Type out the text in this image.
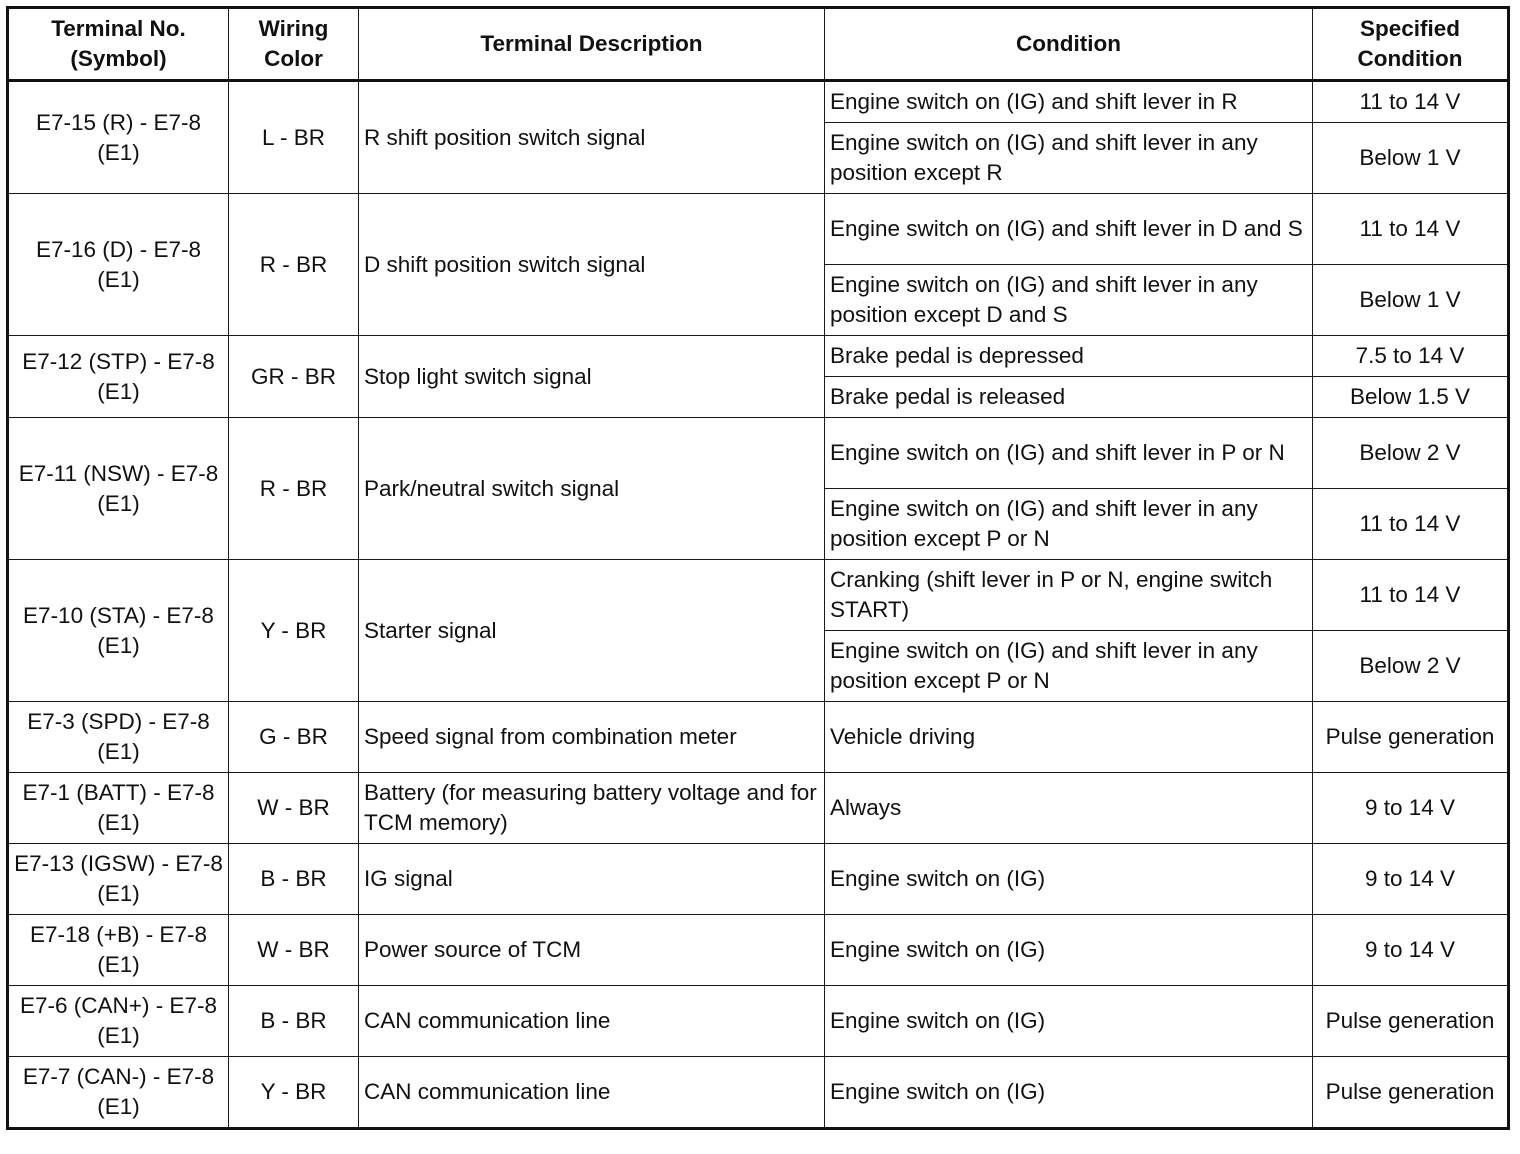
Terminal No. (Symbol)	Wiring Color	Terminal Description	Condition	Specified Condition
E7-15 (R) - E7-8 (E1)	L - BR	R shift position switch signal	Engine switch on (IG) and shift lever in R	11 to 14 V
			Engine switch on (IG) and shift lever in any position except R	Below 1 V
E7-16 (D) - E7-8 (E1)	R - BR	D shift position switch signal	Engine switch on (IG) and shift lever in D and S	11 to 14 V
			Engine switch on (IG) and shift lever in any position except D and S	Below 1 V
E7-12 (STP) - E7-8 (E1)	GR - BR	Stop light switch signal	Brake pedal is depressed	7.5 to 14 V
			Brake pedal is released	Below 1.5 V
E7-11 (NSW) - E7-8 (E1)	R - BR	Park/neutral switch signal	Engine switch on (IG) and shift lever in P or N	Below 2 V
			Engine switch on (IG) and shift lever in any position except P or N	11 to 14 V
E7-10 (STA) - E7-8 (E1)	Y - BR	Starter signal	Cranking (shift lever in P or N, engine switch START)	11 to 14 V
			Engine switch on (IG) and shift lever in any position except P or N	Below 2 V
E7-3 (SPD) - E7-8 (E1)	G - BR	Speed signal from combination meter	Vehicle driving	Pulse generation
E7-1 (BATT) - E7-8 (E1)	W - BR	Battery (for measuring battery voltage and for TCM memory)	Always	9 to 14 V
E7-13 (IGSW) - E7-8 (E1)	B - BR	IG signal	Engine switch on (IG)	9 to 14 V
E7-18 (+B) - E7-8 (E1)	W - BR	Power source of TCM	Engine switch on (IG)	9 to 14 V
E7-6 (CAN+) - E7-8 (E1)	B - BR	CAN communication line	Engine switch on (IG)	Pulse generation
E7-7 (CAN-) - E7-8 (E1)	Y - BR	CAN communication line	Engine switch on (IG)	Pulse generation
